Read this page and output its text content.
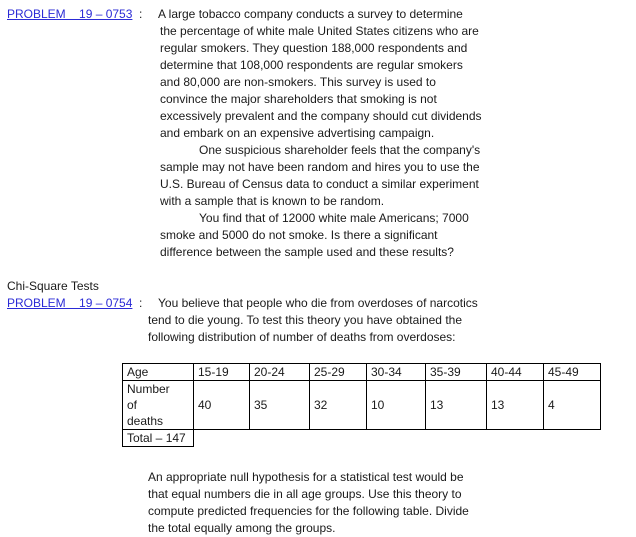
PROBLEM    19 – 0753 : A large tobacco company conducts a survey to determine
the percentage of white male United States citizens who are
regular smokers. They question 188,000 respondents and
determine that 108,000 respondents are regular smokers
and 80,000 are non-smokers. This survey is used to
convince the major shareholders that smoking is not
excessively prevalent and the company should cut dividends
and embark on an expensive advertising campaign.
One suspicious shareholder feels that the company's
sample may not have been random and hires you to use the
U.S. Bureau of Census data to conduct a similar experiment
with a sample that is known to be random.
You find that of 12000 white male Americans; 7000
smoke and 5000 do not smoke. Is there a significant
difference between the sample used and these results?
Chi-Square Tests
PROBLEM    19 – 0754 : You believe that people who die from overdoses of narcotics
tend to die young. To test this theory you have obtained the
following distribution of number of deaths from overdoses:
Age	15-19	20-24	25-29	30-34	35-39	40-44	45-49

Number
of
deaths	40	35	32	10	13	13	4
Total – 147							
An appropriate null hypothesis for a statistical test would be
that equal numbers die in all age groups. Use this theory to
compute predicted frequencies for the following table. Divide
the total equally among the groups.
